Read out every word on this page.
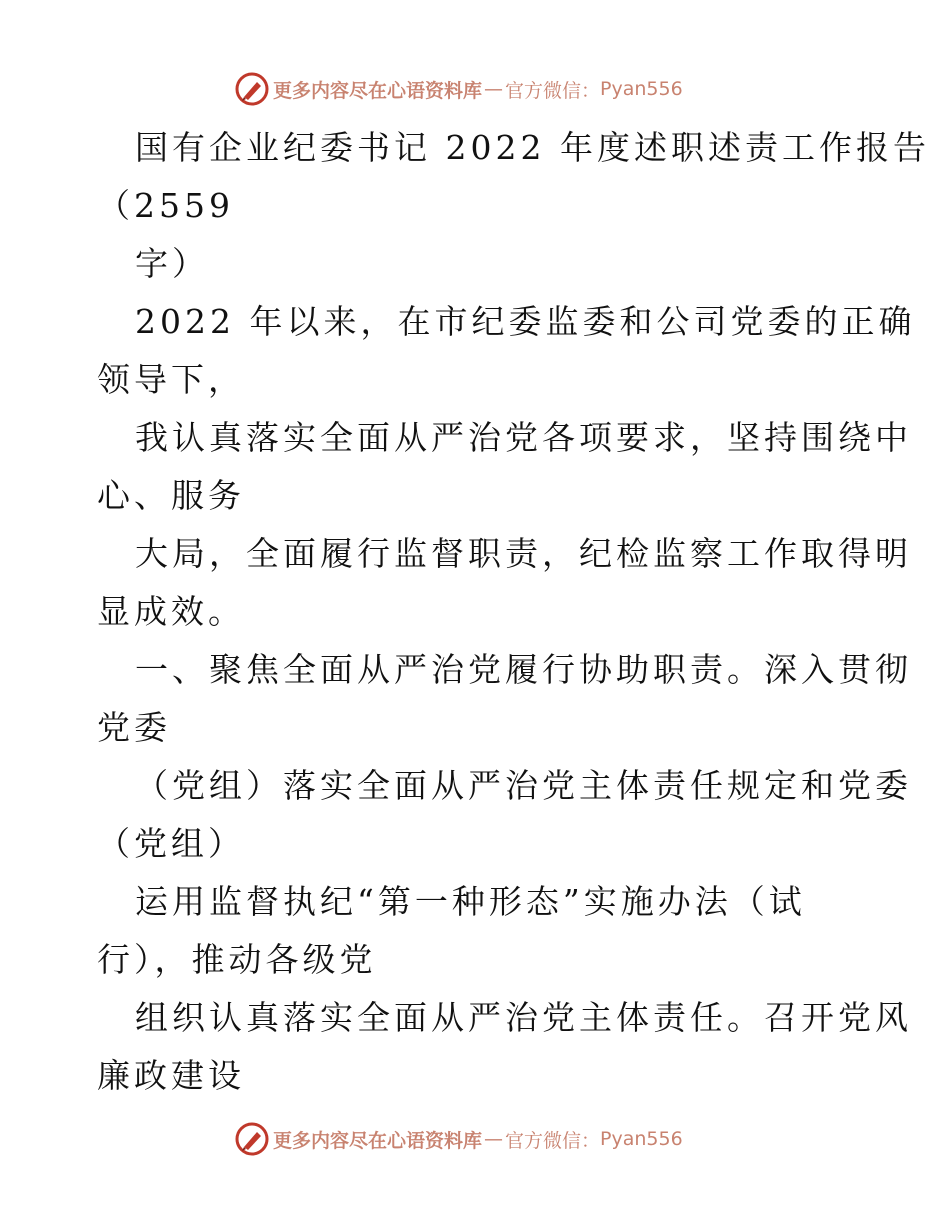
更多内容尽在心语资料库 — 官方微信： Pyan556
国有企业纪委书记 2022 年度述职述责工作报告
（2559
字）
2022 年以来，在市纪委监委和公司党委的正确
领导下，
我认真落实全面从严治党各项要求，坚持围绕中
心、服务
大局，全面履行监督职责，纪检监察工作取得明
显成效。
一、聚焦全面从严治党履行协助职责。深入贯彻
党委
（党组）落实全面从严治党主体责任规定和党委
（党组）
运用监督执纪“第一种形态”实施办法（试
行），推动各级党
组织认真落实全面从严治党主体责任。召开党风
廉政建设
更多内容尽在心语资料库 — 官方微信： Pyan556
